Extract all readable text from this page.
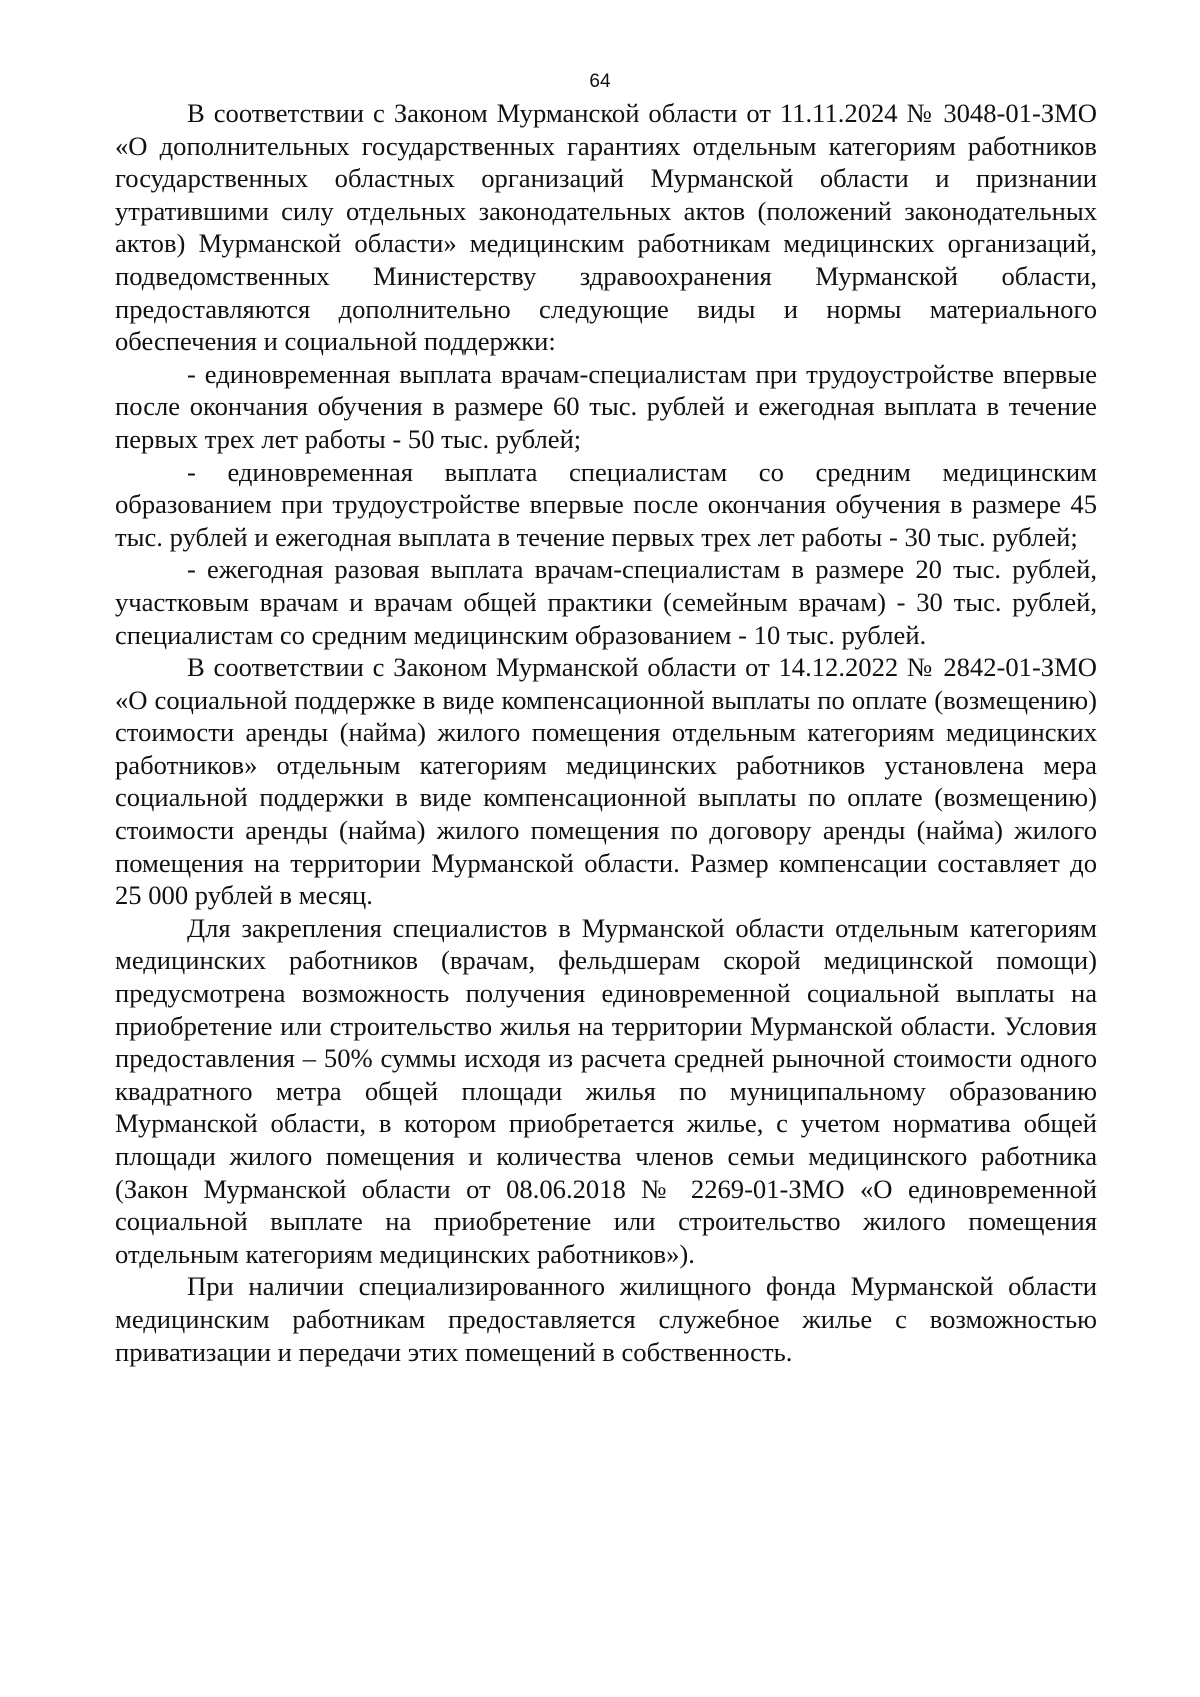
64

В соответствии с Законом Мурманской области от 11.11.2024 № 3048-01-ЗМО «О дополнительных государственных гарантиях отдельным категориям работников государственных областных организаций Мурманской области и признании утратившими силу отдельных законодательных актов (положений законодательных актов) Мурманской области» медицинским работникам медицинских организаций, подведомственных Министерству здравоохранения Мурманской области, предоставляются дополнительно следующие виды и нормы материального обеспечения и социальной поддержки:

- единовременная выплата врачам-специалистам при трудоустройстве впервые после окончания обучения в размере 60 тыс. рублей и ежегодная выплата в течение первых трех лет работы - 50 тыс. рублей;

- единовременная выплата специалистам со средним медицинским образованием при трудоустройстве впервые после окончания обучения в размере 45 тыс. рублей и ежегодная выплата в течение первых трех лет работы - 30 тыс. рублей;

- ежегодная разовая выплата врачам-специалистам в размере 20 тыс. рублей, участковым врачам и врачам общей практики (семейным врачам) - 30 тыс. рублей, специалистам со средним медицинским образованием - 10 тыс. рублей.

В соответствии с Законом Мурманской области от 14.12.2022 № 2842-01-ЗМО «О социальной поддержке в виде компенсационной выплаты по оплате (возмещению) стоимости аренды (найма) жилого помещения отдельным категориям медицинских работников» отдельным категориям медицинских работников установлена мера социальной поддержки в виде компенсационной выплаты по оплате (возмещению) стоимости аренды (найма) жилого помещения по договору аренды (найма) жилого помещения на территории Мурманской области. Размер компенсации составляет до 25 000 рублей в месяц.

Для закрепления специалистов в Мурманской области отдельным категориям медицинских работников (врачам, фельдшерам скорой медицинской помощи) предусмотрена возможность получения единовременной социальной выплаты на приобретение или строительство жилья на территории Мурманской области. Условия предоставления – 50% суммы исходя из расчета средней рыночной стоимости одного квадратного метра общей площади жилья по муниципальному образованию Мурманской области, в котором приобретается жилье, с учетом норматива общей площади жилого помещения и количества членов семьи медицинского работника (Закон Мурманской области от 08.06.2018 № 2269-01-ЗМО «О единовременной социальной выплате на приобретение или строительство жилого помещения отдельным категориям медицинских работников»).

При наличии специализированного жилищного фонда Мурманской области медицинским работникам предоставляется служебное жилье с возможностью приватизации и передачи этих помещений в собственность.
